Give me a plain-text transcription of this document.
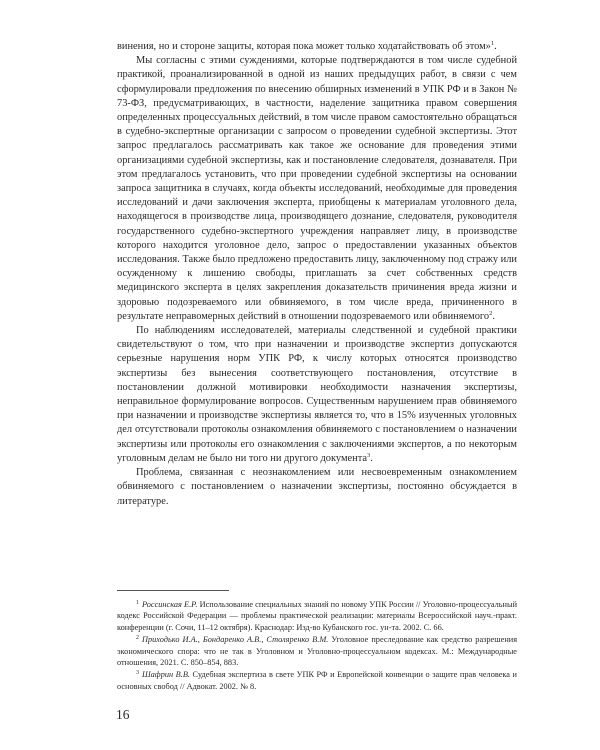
винения, но и стороне защиты, которая пока может только ходатайствовать об этом»$^1$.

Мы согласны с этими суждениями, которые подтверждаются в том числе судебной практикой, проанализированной в одной из наших предыдущих работ, в связи с чем сформулировали предложения по внесению обширных изменений в УПК РФ и в Закон № 73-ФЗ, предусматривающих, в частности, наделение защитника правом совершения определенных процессуальных действий, в том числе правом самостоятельно обращаться в судебно-экспертные организации с запросом о проведении судебной экспертизы. Этот запрос предлагалось рассматривать как такое же основание для проведения этими организациями судебной экспертизы, как и постановление следователя, дознавателя. При этом предлагалось установить, что при проведении судебной экспертизы на основании запроса защитника в случаях, когда объекты исследований, необходимые для проведения исследований и дачи заключения эксперта, приобщены к материалам уголовного дела, находящегося в производстве лица, производящего дознание, следователя, руководителя государственного судебно-экспертного учреждения направляет лицу, в производстве которого находится уголовное дело, запрос о предоставлении указанных объектов исследования. Также было предложено предоставить лицу, заключенному под стражу или осужденному к лишению свободы, приглашать за счет собственных средств медицинского эксперта в целях закрепления доказательств причинения вреда жизни и здоровью подозреваемого или обвиняемого, в том числе вреда, причиненного в результате неправомерных действий в отношении подозреваемого или обвиняемого$^2$.

По наблюдениям исследователей, материалы следственной и судебной практики свидетельствуют о том, что при назначении и производстве экспертиз допускаются серьезные нарушения норм УПК РФ, к числу которых относятся производство экспертизы без вынесения соответствующего постановления, отсутствие в постановлении должной мотивировки необходимости назначения экспертизы, неправильное формулирование вопросов. Существенным нарушением прав обвиняемого при назначении и производстве экспертизы является то, что в 15% изученных уголовных дел отсутствовали протоколы ознакомления обвиняемого с постановлением о назначении экспертизы или протоколы его ознакомления с заключениями экспертов, а по некоторым уголовным делам не было ни того ни другого документа$^3$.

Проблема, связанная с неознакомлением или несвоевременным ознакомлением обвиняемого с постановлением о назначении экспертизы, постоянно обсуждается в литературе.

$^1$ Россинская Е.Р. Использование специальных знаний по новому УПК России // Уголовно-процессуальный кодекс Российской Федерации — проблемы практической реализации: материалы Всероссийской науч.-практ. конференции (г. Сочи, 11–12 октября). Краснодар: Изд-во Кубанского гос. ун-та. 2002. С. 66.

$^2$ Приходько И.А., Бондаренко А.В., Столяренко В.М. Уголовное преследование как средство разрешения экономического спора: что не так в Уголовном и Уголовно-процессуальном кодексах. М.: Международные отношения, 2021. С. 850–854, 883.

$^3$ Шафрин В.В. Судебная экспертиза в свете УПК РФ и Европейской конвенции о защите прав человека и основных свобод // Адвокат. 2002. № 8.

16
